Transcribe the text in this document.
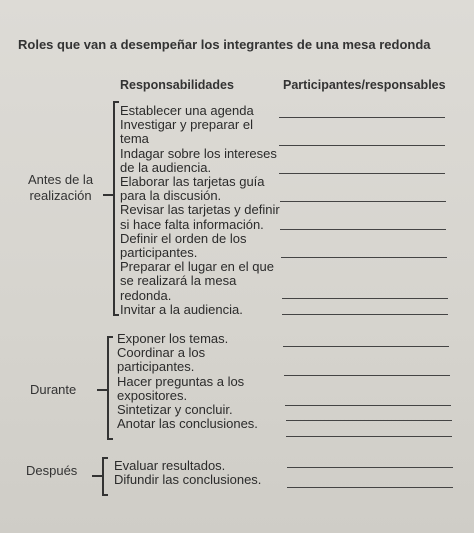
Roles que van a desempeñar los integrantes de una mesa redonda
Responsabilidades	Participantes/responsables
Antes de la
realización
Establecer una agenda
Investigar y preparar el
tema
Indagar sobre los intereses
de la audiencia.
Elaborar las tarjetas guía
para la discusión.
Revisar las tarjetas y definir
si hace falta información.
Definir el orden de los
participantes.
Preparar el lugar en el que
se realizará la mesa
redonda.
Invitar a la audiencia.
Durante
Exponer los temas.
Coordinar a los
participantes.
Hacer preguntas a los
expositores.
Sintetizar y concluir.
Anotar las conclusiones.
Después	Evaluar resultados.
Difundir las conclusiones.
